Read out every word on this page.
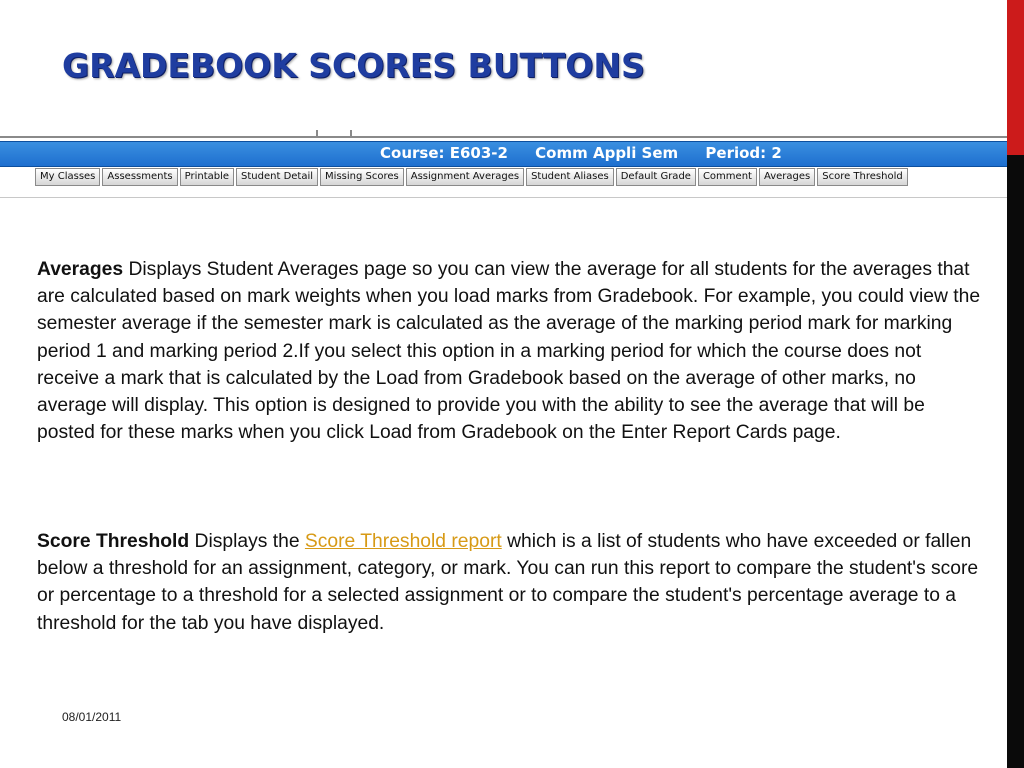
GRADEBOOK SCORES BUTTONS
Course: E603-2 Comm Appli Sem Period: 2
My Classes Assessments Printable Student Detail Missing Scores Assignment Averages Student Aliases Default Grade Comment Averages Score Threshold

Averages Displays Student Averages page so you can view the average for all students for the averages that are calculated based on mark weights when you load marks from Gradebook. For example, you could view the semester average if the semester mark is calculated as the average of the marking period mark for marking period 1 and marking period 2.If you select this option in a marking period for which the course does not receive a mark that is calculated by the Load from Gradebook based on the average of other marks, no average will display. This option is designed to provide you with the ability to see the average that will be posted for these marks when you click Load from Gradebook on the Enter Report Cards page.

Score Threshold Displays the Score Threshold report which is a list of students who have exceeded or fallen below a threshold for an assignment, category, or mark. You can run this report to compare the student's score or percentage to a threshold for a selected assignment or to compare the student's percentage average to a threshold for the tab you have displayed.

08/01/2011
